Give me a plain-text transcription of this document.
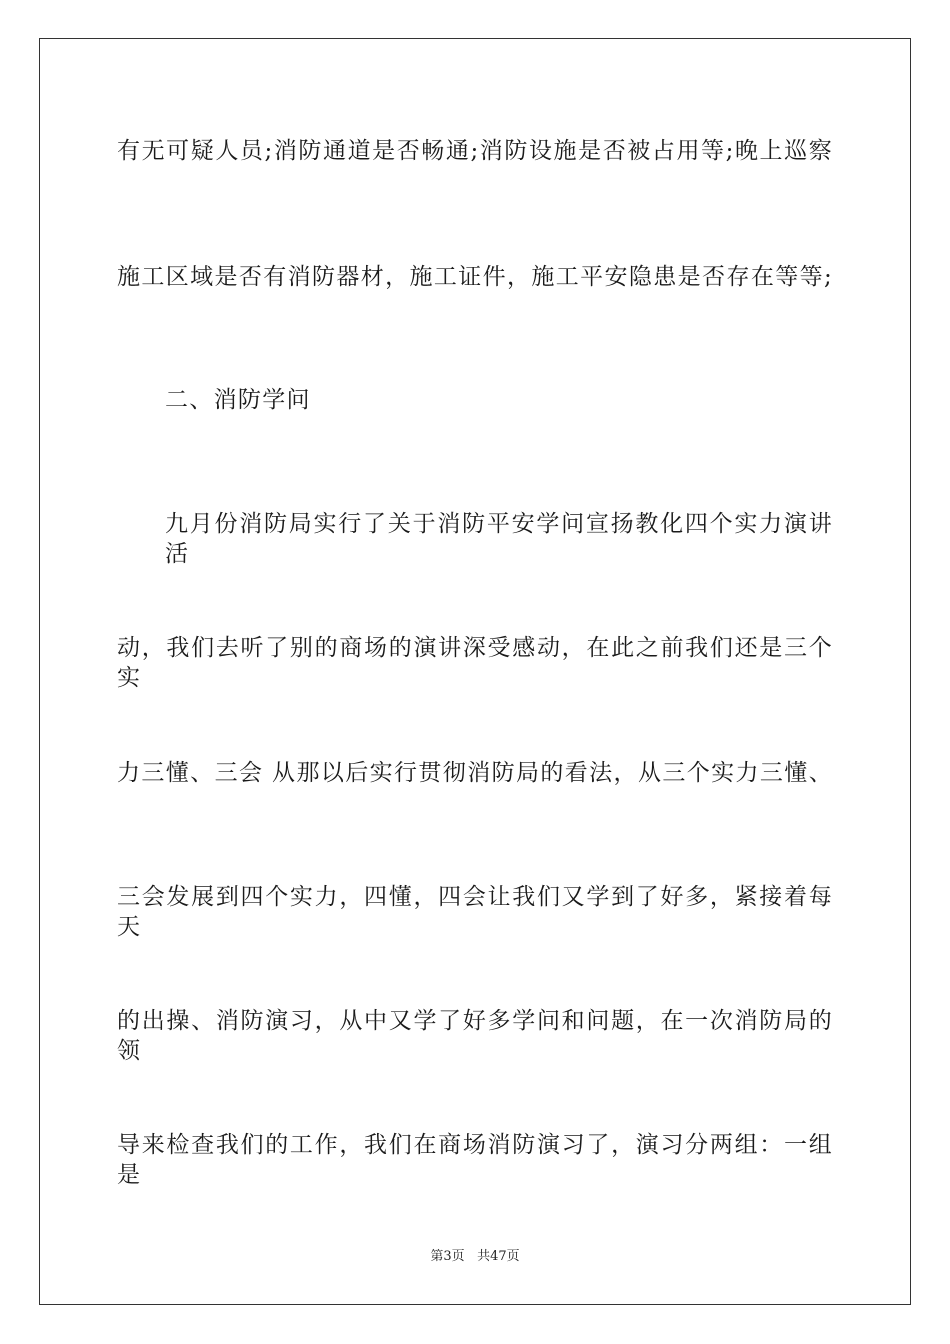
有无可疑人员;消防通道是否畅通;消防设施是否被占用等;晚上巡察
施工区域是否有消防器材，施工证件，施工平安隐患是否存在等等;
二、消防学问
九月份消防局实行了关于消防平安学问宣扬教化四个实力演讲活
动，我们去听了别的商场的演讲深受感动，在此之前我们还是三个实
力三懂、三会 从那以后实行贯彻消防局的看法，从三个实力三懂、
三会发展到四个实力，四懂，四会让我们又学到了好多，紧接着每天
的出操、消防演习，从中又学了好多学问和问题，在一次消防局的领
导来检查我们的工作，我们在商场消防演习了，演习分两组：一组是
第3页 共47页
